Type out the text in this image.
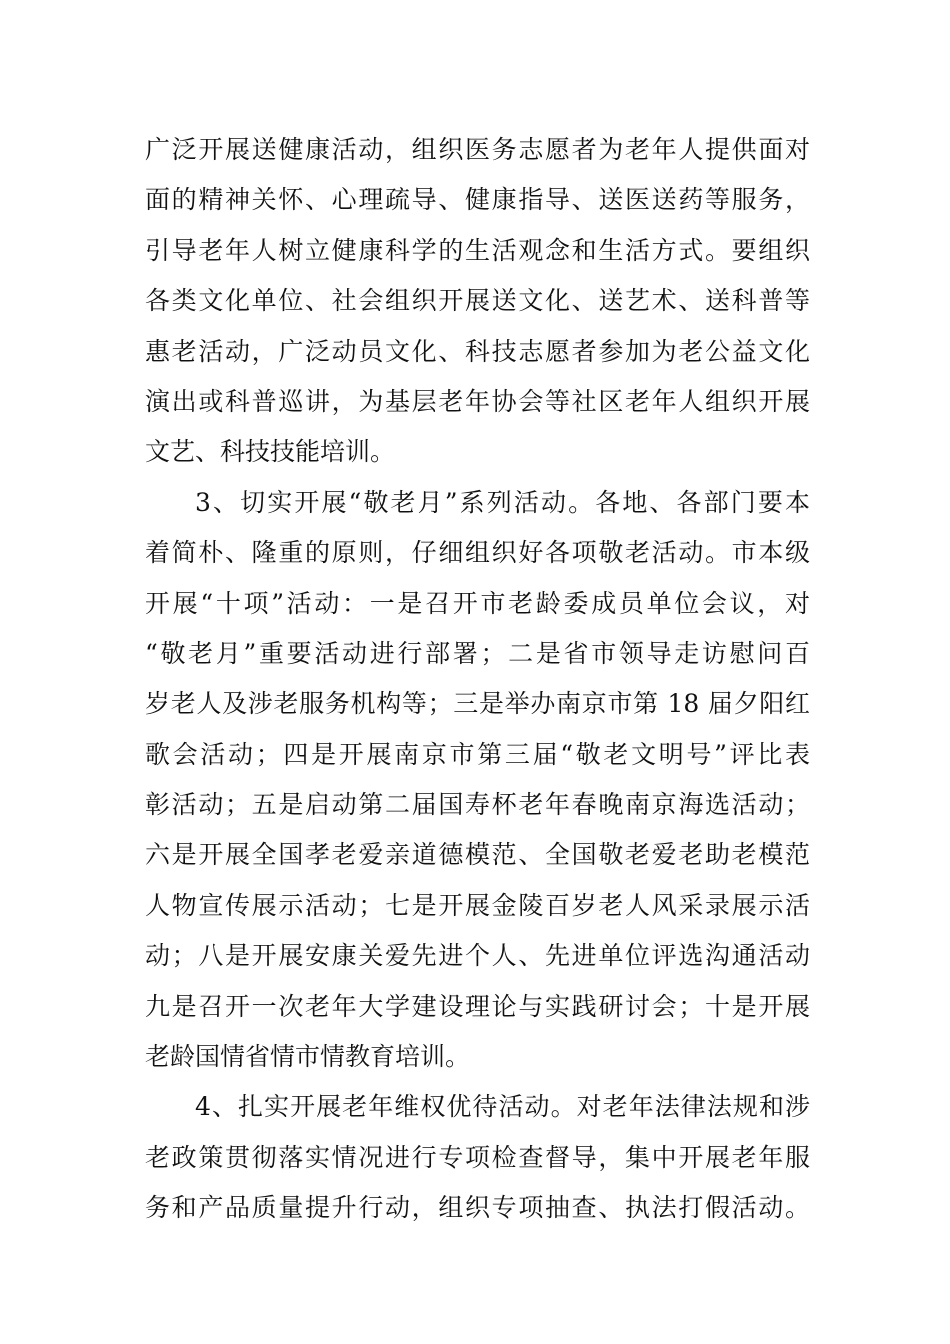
广泛开展送健康活动，组织医务志愿者为老年人提供面对
面的精神关怀、心理疏导、健康指导、送医送药等服务，
引导老年人树立健康科学的生活观念和生活方式。要组织
各类文化单位、社会组织开展送文化、送艺术、送科普等
惠老活动，广泛动员文化、科技志愿者参加为老公益文化
演出或科普巡讲，为基层老年协会等社区老年人组织开展
文艺、科技技能培训。
3、切实开展“敬老月”系列活动。各地、各部门要本
着简朴、隆重的原则，仔细组织好各项敬老活动。市本级
开展“十项”活动：一是召开市老龄委成员单位会议，对
“敬老月”重要活动进行部署；二是省市领导走访慰问百
岁老人及涉老服务机构等；三是举办南京市第 18 届夕阳红
歌会活动；四是开展南京市第三届“敬老文明号”评比表
彰活动；五是启动第二届国寿杯老年春晚南京海选活动；
六是开展全国孝老爱亲道德模范、全国敬老爱老助老模范
人物宣传展示活动；七是开展金陵百岁老人风采录展示活
动；八是开展安康关爱先进个人、先进单位评选沟通活动
九是召开一次老年大学建设理论与实践研讨会；十是开展
老龄国情省情市情教育培训。
4、扎实开展老年维权优待活动。对老年法律法规和涉
老政策贯彻落实情况进行专项检查督导，集中开展老年服
务和产品质量提升行动，组织专项抽查、执法打假活动。
